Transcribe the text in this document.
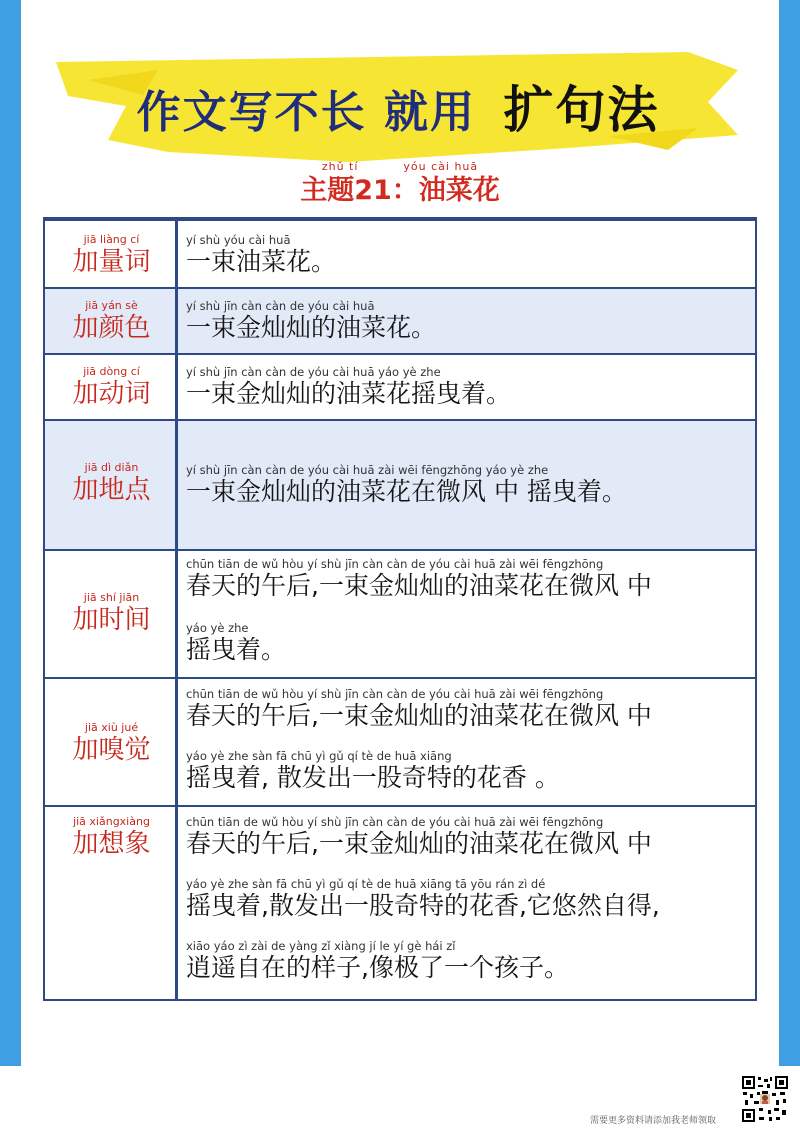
作文写不长 就用 扩句法
zhǔ tí          yóu cài huā
主题21：油菜花
jiā liàng cí
加量词
yí shù yóu cài huā
一束油菜花。
jiā yán sè
加颜色
yí shù jīn càn càn de yóu cài huā
一束金灿灿的油菜花。
jiā dòng cí
加动词
yí shù jīn càn càn de yóu cài huā yáo yè zhe
一束金灿灿的油菜花摇曳着。
jiā dì diǎn
加地点
yí shù jīn càn càn de yóu cài huā zài wēi fēngzhōng yáo yè zhe
一束金灿灿的油菜花在微风 中 摇曳着。
jiā shí jiān
加时间
chūn tiān de wǔ hòu yí shù jīn càn càn de yóu cài huā zài wēi fēngzhōng
春天的午后,一束金灿灿的油菜花在微风 中
yáo yè zhe
摇曳着。
jiā xiù jué
加嗅觉
chūn tiān de wǔ hòu yí shù jīn càn càn de yóu cài huā zài wēi fēngzhōng
春天的午后,一束金灿灿的油菜花在微风 中
yáo yè zhe sàn fā chū yì gǔ qí tè de huā xiāng
摇曳着, 散发出一股奇特的花香 。
jiā xiǎngxiàng
加想象
chūn tiān de wǔ hòu yí shù jīn càn càn de yóu cài huā zài wēi fēngzhōng
春天的午后,一束金灿灿的油菜花在微风 中
yáo yè zhe sàn fā chū yì gǔ qí tè de huā xiāng tā yōu rán zì dé
摇曳着,散发出一股奇特的花香,它悠然自得,
xiāo yáo zì zài de yàng zǐ xiàng jí le yí gè hái zǐ
逍遥自在的样子,像极了一个孩子。
需要更多资料请添加我老师领取
